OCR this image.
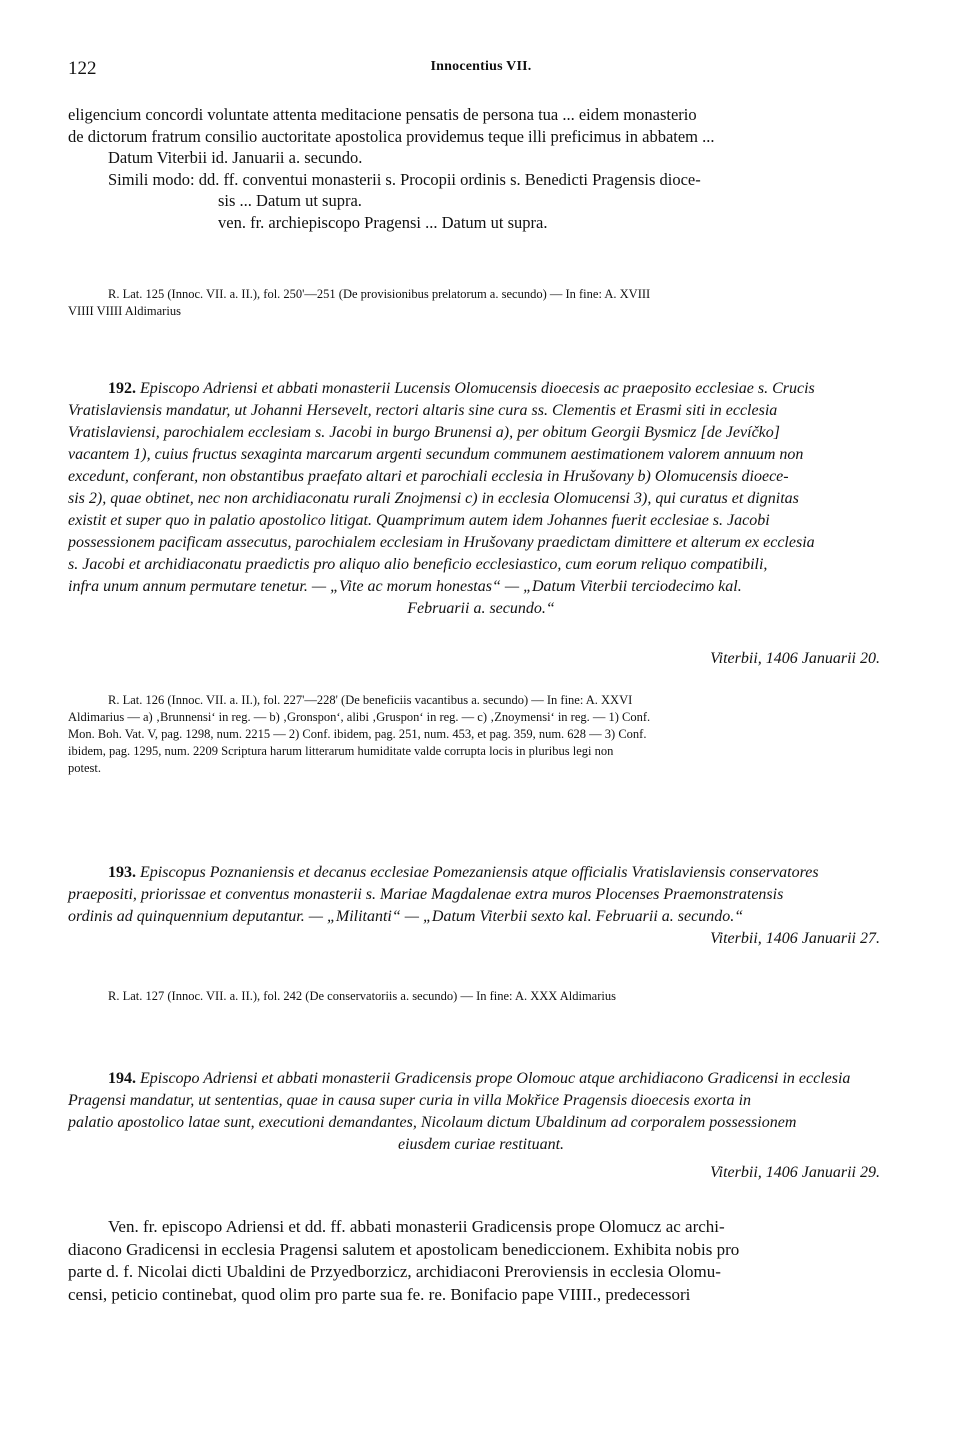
122	Innocentius VII.
eligencium concordi voluntate attenta meditacione pensatis de persona tua ... eidem monasterio
de dictorum fratrum consilio auctoritate apostolica providemus teque illi preficimus in abbatem ...
Datum Viterbii id. Januarii a. secundo.
Simili modo: dd. ff. conventui monasterii s. Procopii ordinis s. Benedicti Pragensis dioce-
sis ... Datum ut supra.
ven. fr. archiepiscopo Pragensi ... Datum ut supra.
R. Lat. 125 (Innoc. VII. a. II.), fol. 250'—251 (De provisionibus prelatorum a. secundo) — In fine: A. XVIII
VIIII VIIII Aldimarius
192. Episcopo Adriensi et abbati monasterii Lucensis Olomucensis dioecesis ac praeposito ecclesiae s. Crucis
Vratislaviensis mandatur, ut Johanni Hersevelt, rectori altaris sine cura ss. Clementis et Erasmi siti in ecclesia
Vratislaviensi, parochialem ecclesiam s. Jacobi in burgo Brunensi a), per obitum Georgii Bysmicz [de Jevíčko]
vacantem 1), cuius fructus sexaginta marcarum argenti secundum communem aestimationem valorem annuum non
excedunt, conferant, non obstantibus praefato altari et parochiali ecclesia in Hrušovany b) Olomucensis dioece-
sis 2), quae obtinet, nec non archidiaconatu rurali Znojmensi c) in ecclesia Olomucensi 3), qui curatus et dignitas
existit et super quo in palatio apostolico litigat. Quamprimum autem idem Johannes fuerit ecclesiae s. Jacobi
possessionem pacificam assecutus, parochialem ecclesiam in Hrušovany praedictam dimittere et alterum ex ecclesia
s. Jacobi et archidiaconatu praedictis pro aliquo alio beneficio ecclesiastico, cum eorum reliquo compatibili,
infra unum annum permutare tenetur. — „Vite ac morum honestas“ — „Datum Viterbii terciodecimo kal.
Februarii a. secundo.“
Viterbii, 1406 Januarii 20.
R. Lat. 126 (Innoc. VII. a. II.), fol. 227'—228' (De beneficiis vacantibus a. secundo) — In fine: A. XXVI
Aldimarius — a) ‚Brunnensi‘ in reg. — b) ‚Gronspon‘, alibi ‚Gruspon‘ in reg. — c) ‚Znoymensi‘ in reg. — 1) Conf.
Mon. Boh. Vat. V, pag. 1298, num. 2215 — 2) Conf. ibidem, pag. 251, num. 453, et pag. 359, num. 628 — 3) Conf.
ibidem, pag. 1295, num. 2209 Scriptura harum litterarum humiditate valde corrupta locis in pluribus legi non
potest.
193. Episcopus Poznaniensis et decanus ecclesiae Pomezaniensis atque officialis Vratislaviensis conservatores
praepositi, priorissae et conventus monasterii s. Mariae Magdalenae extra muros Plocenses Praemonstratensis
ordinis ad quinquennium deputantur. — „Militanti“ — „Datum Viterbii sexto kal. Februarii a. secundo.“
Viterbii, 1406 Januarii 27.
R. Lat. 127 (Innoc. VII. a. II.), fol. 242 (De conservatoriis a. secundo) — In fine: A. XXX Aldimarius
194. Episcopo Adriensi et abbati monasterii Gradicensis prope Olomouc atque archidiacono Gradicensi in ecclesia
Pragensi mandatur, ut sententias, quae in causa super curia in villa Mokřice Pragensis dioecesis exorta in
palatio apostolico latae sunt, executioni demandantes, Nicolaum dictum Ubaldinum ad corporalem possessionem
eiusdem curiae restituant.
Viterbii, 1406 Januarii 29.
Ven. fr. episcopo Adriensi et dd. ff. abbati monasterii Gradicensis prope Olomucz ac archi-
diacono Gradicensi in ecclesia Pragensi salutem et apostolicam benediccionem. Exhibita nobis pro
parte d. f. Nicolai dicti Ubaldini de Przyedborzicz, archidiaconi Preroviensis in ecclesia Olomu-
censi, peticio continebat, quod olim pro parte sua fe. re. Bonifacio pape VIIII., predecessori
